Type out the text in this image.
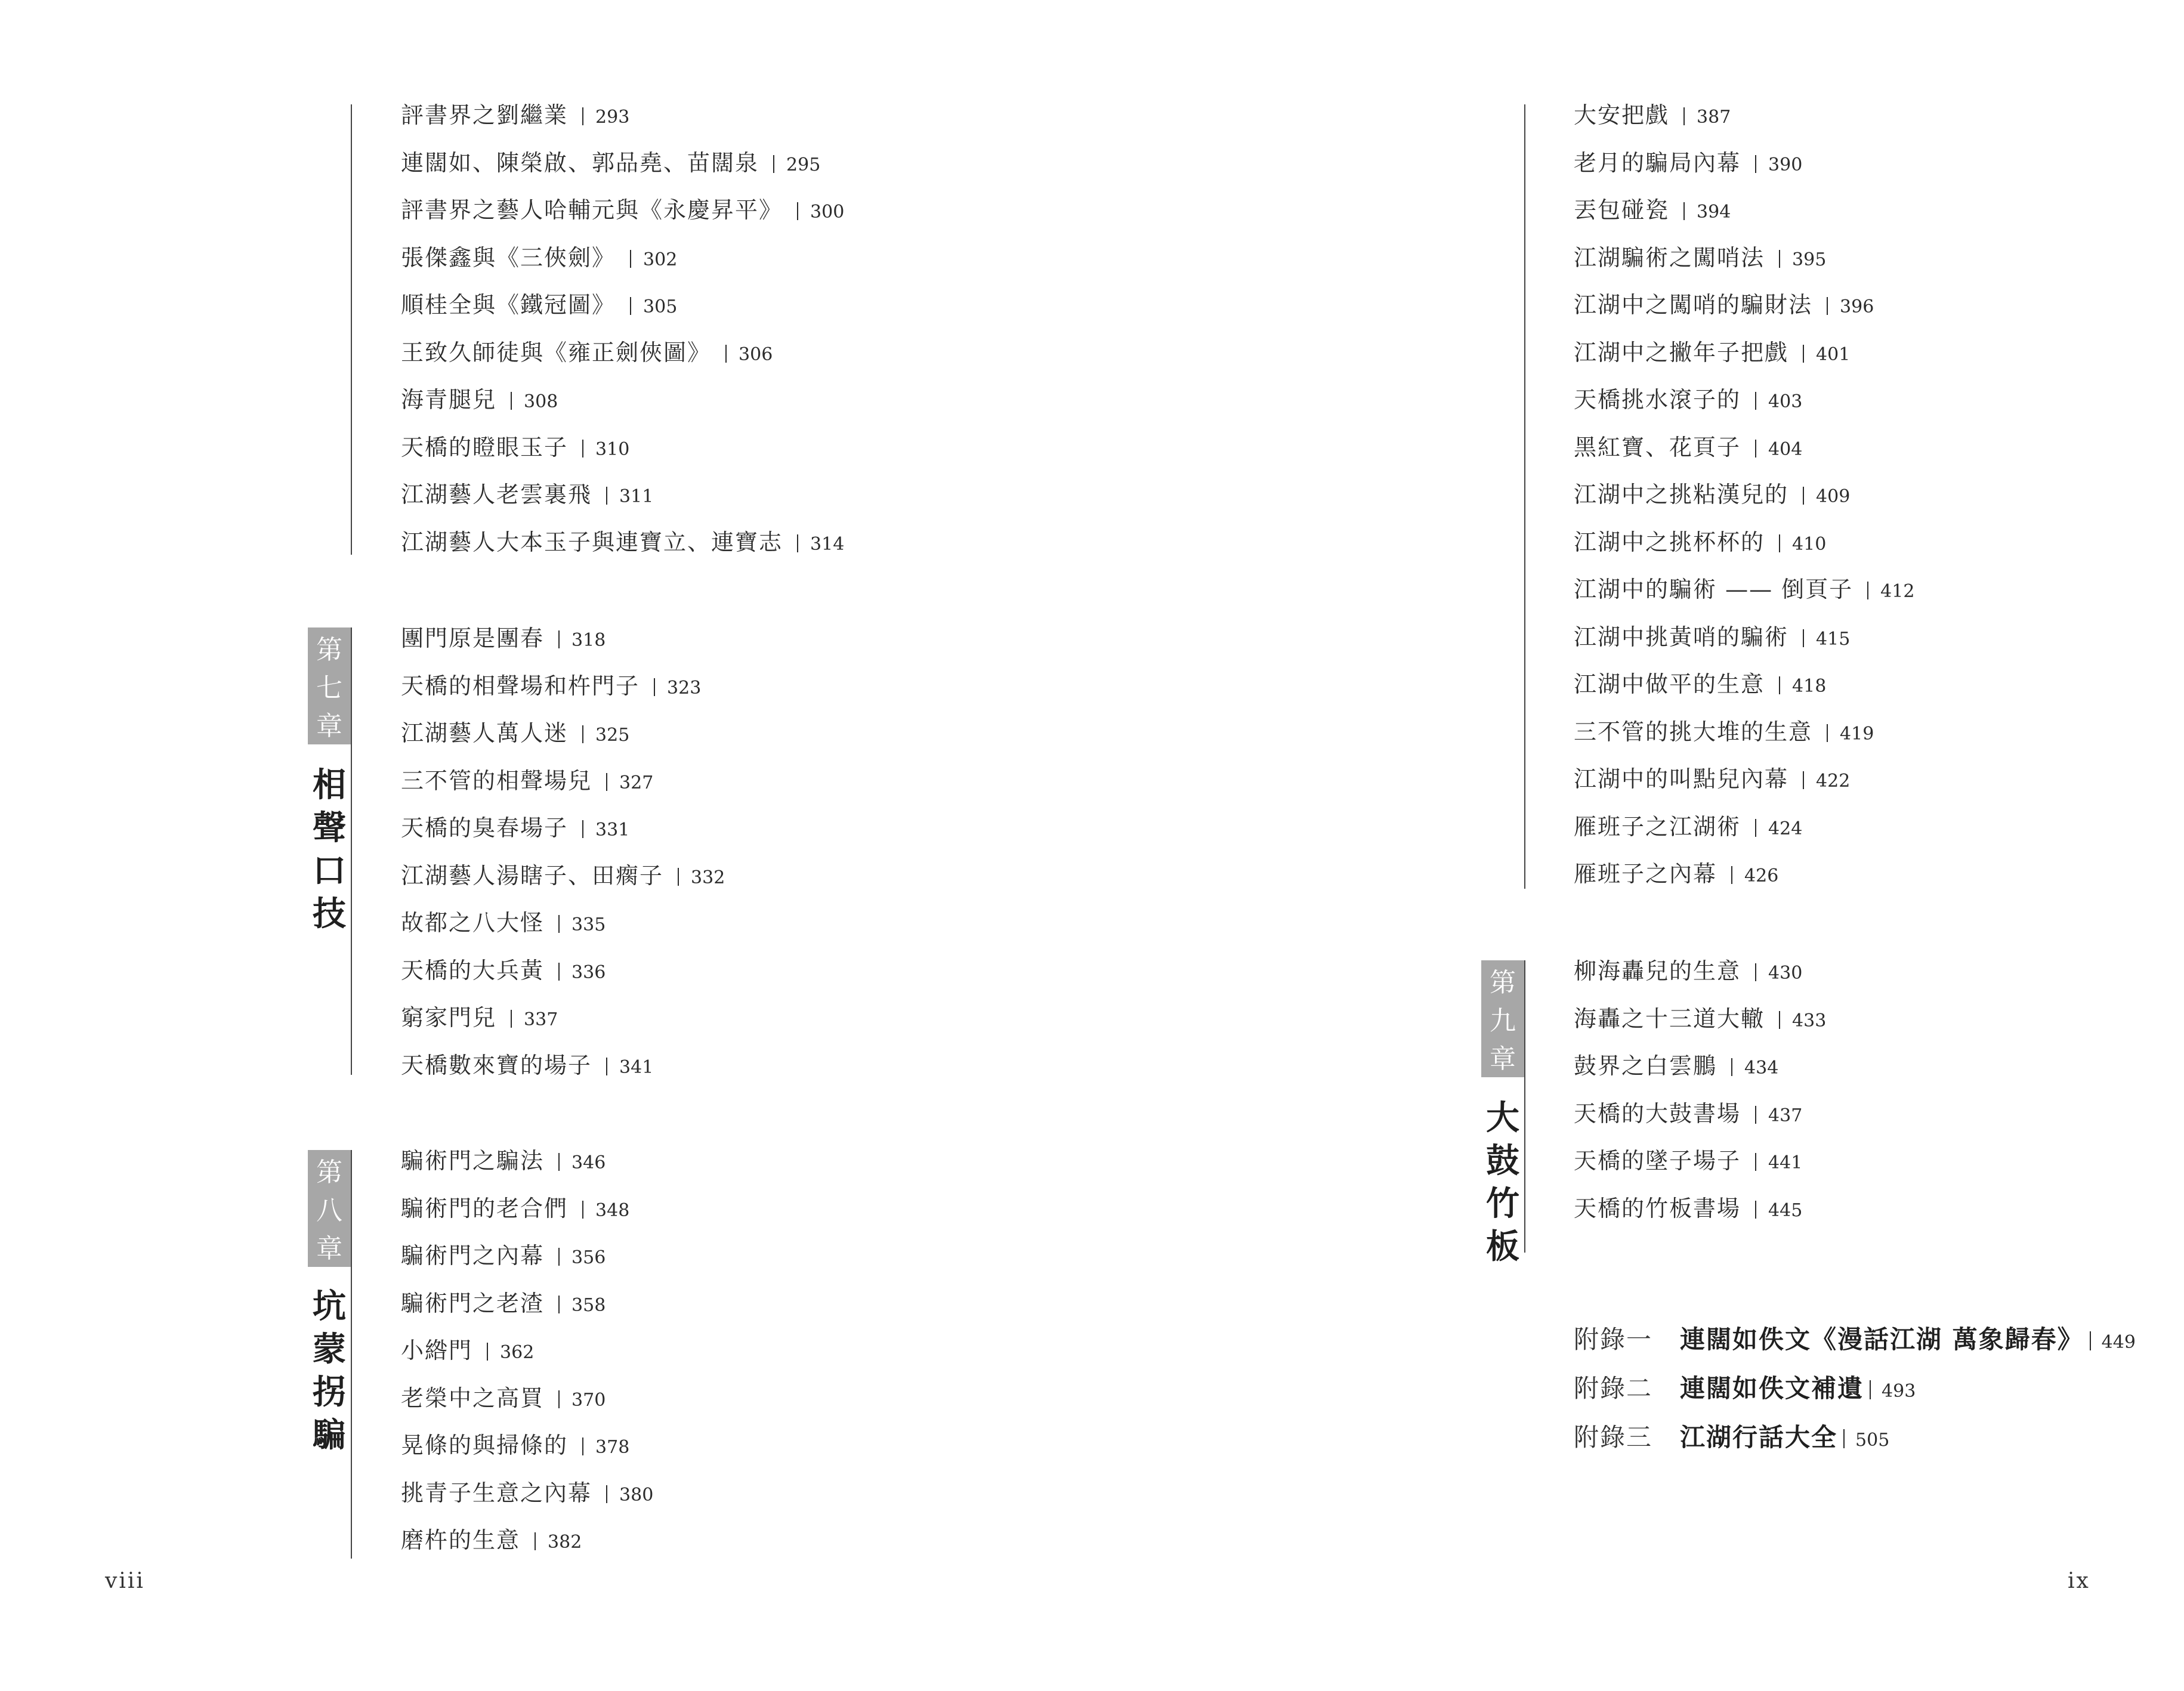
評書界之劉繼業 293
連闊如、陳榮啟、郭品堯、苗闊泉 295
評書界之藝人哈輔元與《永慶昇平》 300
張傑鑫與《三俠劍》 302
順桂全與《鐵冠圖》 305
王致久師徒與《雍正劍俠圖》 306
海青腿兒 308
天橋的瞪眼玉子 310
江湖藝人老雲裏飛 311
江湖藝人大本玉子與連寶立、連寶志 314
第
七
章
相
聲
口
技
團門原是團春 318
天橋的相聲場和杵門子 323
江湖藝人萬人迷 325
三不管的相聲場兒 327
天橋的臭春場子 331
江湖藝人湯瞎子、田瘸子 332
故都之八大怪 335
天橋的大兵黃 336
窮家門兒 337
天橋數來寶的場子 341
第
八
章
坑
蒙
拐
騙
騙術門之騙法 346
騙術門的老合們 348
騙術門之內幕 356
騙術門之老渣 358
小綹門 362
老榮中之高買 370
晃條的與掃條的 378
挑青子生意之內幕 380
磨杵的生意 382
viii
大安把戲 387
老月的騙局內幕 390
丟包碰瓷 394
江湖騙術之闖哨法 395
江湖中之闖哨的騙財法 396
江湖中之撇年子把戲 401
天橋挑水滾子的 403
黑紅寶、花頁子 404
江湖中之挑粘漢兒的 409
江湖中之挑杯杯的 410
江湖中的騙術 —— 倒頁子 412
江湖中挑黃哨的騙術 415
江湖中做平的生意 418
三不管的挑大堆的生意 419
江湖中的叫點兒內幕 422
雁班子之江湖術 424
雁班子之內幕 426
第
九
章
大
鼓
竹
板
柳海轟兒的生意 430
海轟之十三道大轍 433
鼓界之白雲鵬 434
天橋的大鼓書場 437
天橋的墜子場子 441
天橋的竹板書場 445
附錄一 連闊如佚文《漫話江湖 萬象歸春》 449
附錄二 連闊如佚文補遺 493
附錄三 江湖行話大全 505
ix
